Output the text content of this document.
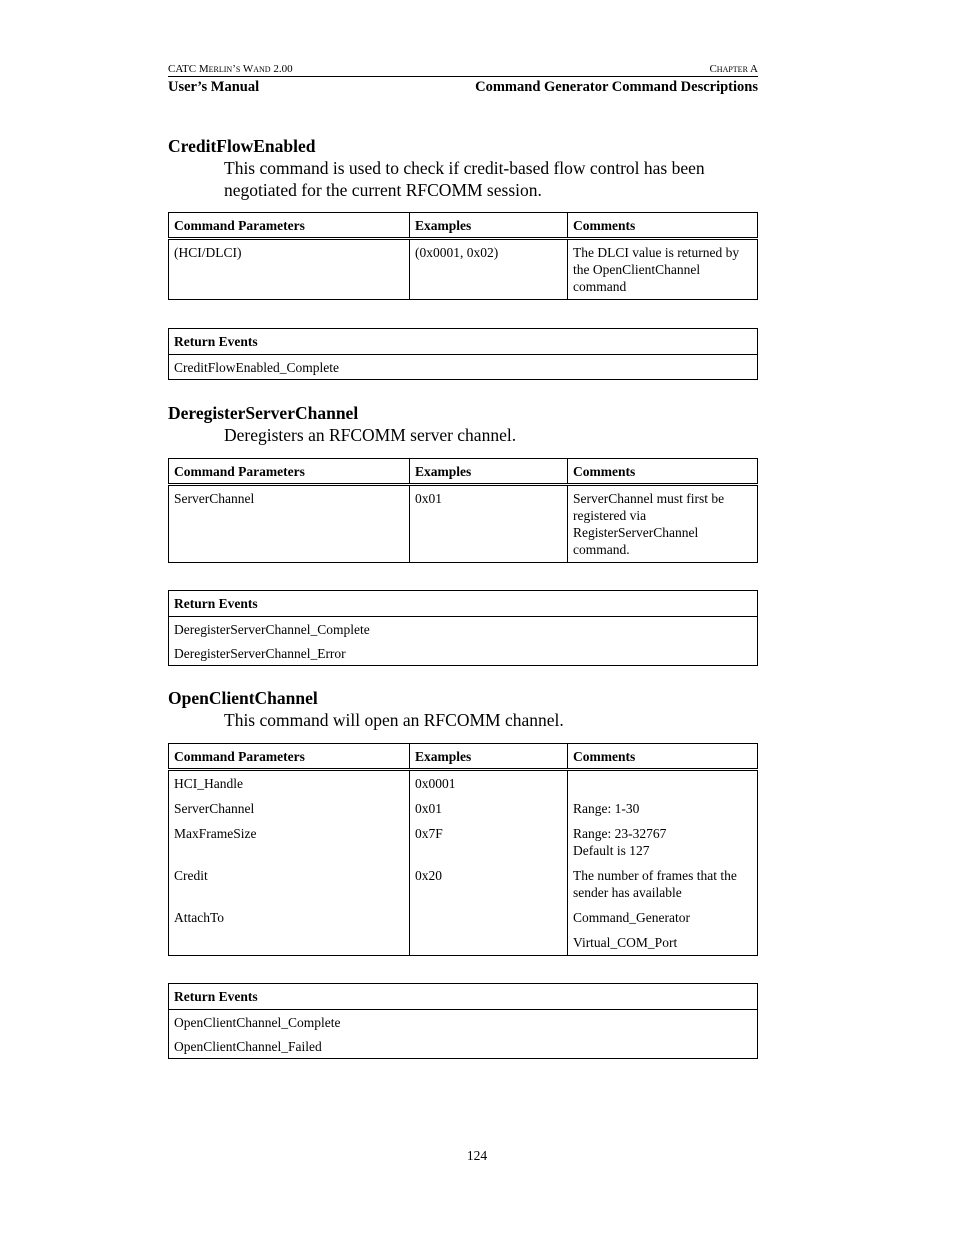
CATC Merlin’s Wand 2.00	Chapter A
User’s Manual	Command Generator Command Descriptions

CreditFlowEnabled

This command is used to check if credit-based flow control has been

negotiated for the current RFCOMM session.

Command Parameters	Examples	Comments
(HCI/DLCI)	(0x0001, 0x02)	The DLCI value is returned by the OpenClientChannel command
Return Events
CreditFlowEnabled_Complete

DeregisterServerChannel

Deregisters an RFCOMM server channel.

Command Parameters	Examples	Comments
ServerChannel	0x01	ServerChannel must first be registered via RegisterServerChannel command.
Return Events
DeregisterServerChannel_Complete
DeregisterServerChannel_Error

OpenClientChannel

This command will open an RFCOMM channel.

Command Parameters	Examples	Comments
HCI_Handle	0x0001	
ServerChannel	0x01	Range: 1-30
MaxFrameSize	0x7F	Range: 23-32767
Default is 127
Credit	0x20	The number of frames that the sender has available
AttachTo		Command_Generator
		Virtual_COM_Port
Return Events
OpenClientChannel_Complete
OpenClientChannel_Failed
124
